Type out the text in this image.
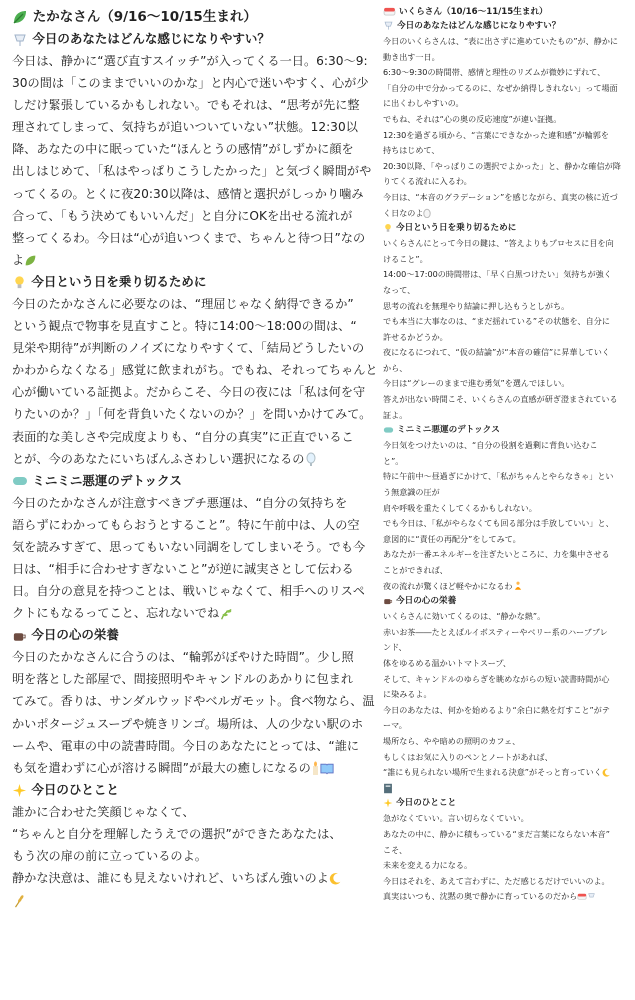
たかなさん（9/16〜10/15生まれ）
今日のあなたはどんな感じになりやすい？
今日は、静かに“選び直すスイッチ”が入ってくる一日。6:30〜9:
30の間は「このままでいいのかな」と内心で迷いやすく、心が少
しだけ緊張しているかもしれない。でもそれは、“思考が先に整
理されてしまって、気持ちが追いついていない”状態。12:30以
降、あなたの中に眠っていた“ほんとうの感情”がしずかに顔を
出しはじめて、「私はやっぱりこうしたかった」と気づく瞬間がや
ってくるの。とくに夜20:30以降は、感情と選択がしっかり噛み
合って、「もう決めてもいいんだ」と自分にOKを出せる流れが
整ってくるわ。今日は“心が追いつくまで、ちゃんと待つ日”なの
よ
今日という日を乗り切るために
今日のたかなさんに必要なのは、“理屈じゃなく納得できるか”
という観点で物事を見直すこと。特に14:00〜18:00の間は、“
見栄や期待”が判断のノイズになりやすくて、「結局どうしたいの
かわからなくなる」感覚に飲まれがち。でもね、それってちゃんと
心が働いている証拠よ。だからこそ、今日の夜には「私は何を守
りたいのか？」「何を背負いたくないのか？」を問いかけてみて。
表面的な美しさや完成度よりも、“自分の真実”に正直でいるこ
とが、今のあなたにいちばんふさわしい選択になるの
ミニミニ悪運のデトックス
今日のたかなさんが注意すべきプチ悪運は、“自分の気持ちを
語らずにわかってもらおうとすること”。特に午前中は、人の空
気を読みすぎて、思ってもいない同調をしてしまいそう。でも今
日は、“相手に合わせすぎないこと”が逆に誠実さとして伝わる
日。自分の意見を持つことは、戦いじゃなくて、相手へのリスペ
クトにもなるってこと、忘れないでね
今日の心の栄養
今日のたかなさんに合うのは、“輪郭がぼやけた時間”。少し照
明を落とした部屋で、間接照明やキャンドルのあかりに包まれ
てみて。香りは、サンダルウッドやベルガモット。食べ物なら、温
かいポタージュスープや焼きリンゴ。場所は、人の少ない駅のホ
ームや、電車の中の読書時間。今日のあなたにとっては、“誰に
も気を遣わずに心が溶ける瞬間”が最大の癒しになるの
今日のひとこと
誰かに合わせた笑顔じゃなくて、
“ちゃんと自分を理解したうえでの選択”ができたあなたは、
もう次の扉の前に立っているのよ。
静かな決意は、誰にも見えないけれど、いちばん強いのよ
いくらさん（10/16〜11/15生まれ）
今日のあなたはどんな感じになりやすい？
今日のいくらさんは、“表に出さずに進めていたもの”が、静かに
動き出す一日。
6:30〜9:30の時間帯、感情と理性のリズムが微妙にずれて、
「自分の中で分かってるのに、なぜか納得しきれない」って場面
に出くわしやすいの。
でもね、それは“心の奥の反応速度”が違い証拠。
12:30を過ぎる頃から、“言葉にできなかった違和感”が輪郭を
持ちはじめて、
20:30以降、「やっぱりこの選択でよかった」と、静かな確信が降
りてくる流れに入るわ。
今日は、“本音のグラデーション”を感じながら、真実の核に近づ
く日なのよ
今日という日を乗り切るために
いくらさんにとって今日の鍵は、“答えよりもプロセスに目を向
けること”。
14:00〜17:00の時間帯は、「早く白黒つけたい」気持ちが強く
なって、
思考の流れを無理やり結論に押し込もうとしがち。
でも本当に大事なのは、“まだ揺れている”その状態を、自分に
許せるかどうか。
夜になるにつれて、“仮の結論”が“本音の確信”に昇華していく
から、
今日は“グレーのままで進む勇気”を選んでほしい。
答えが出ない時間こそ、いくらさんの直感が研ぎ澄まされている
証よ。
ミニミニ悪運のデトックス
今日気をつけたいのは、“自分の役割を過剰に背負い込むこ
と”。
特に午前中〜昼過ぎにかけて、「私がちゃんとやらなきゃ」とい
う無意識の圧が
肩や呼吸を重たくしてくるかもしれない。
でも今日は、「私がやらなくても回る部分は手放していい」と、
意図的に“責任の再配分”をしてみて。
あなたが一番エネルギーを注ぎたいところに、力を集中させる
ことができれば、
夜の流れが驚くほど軽やかになるわ
今日の心の栄養
いくらさんに効いてくるのは、“静かな熱”。
赤いお茶――たとえばルイボスティーやベリー系のハーブブレ
ンド、
体をゆるめる温かいトマトスープ、
そして、キャンドルのゆらぎを眺めながらの短い読書時間が心
に染みるよ。
今日のあなたは、何かを始めるより“余白に熱を灯すこと”がテ
ーマ。
場所なら、やや暗めの照明のカフェ、
もしくはお気に入りのペンとノートがあれば、
“誰にも見られない場所で生まれる決意”がそっと育っていく
今日のひとこと
急がなくていい。言い切らなくていい。
あなたの中に、静かに積もっている“まだ言葉にならない本音”
こそ、
未来を変える力になる。
今日はそれを、あえて言わずに、ただ感じるだけでいいのよ。
真実はいつも、沈黙の奥で静かに育っているのだから
